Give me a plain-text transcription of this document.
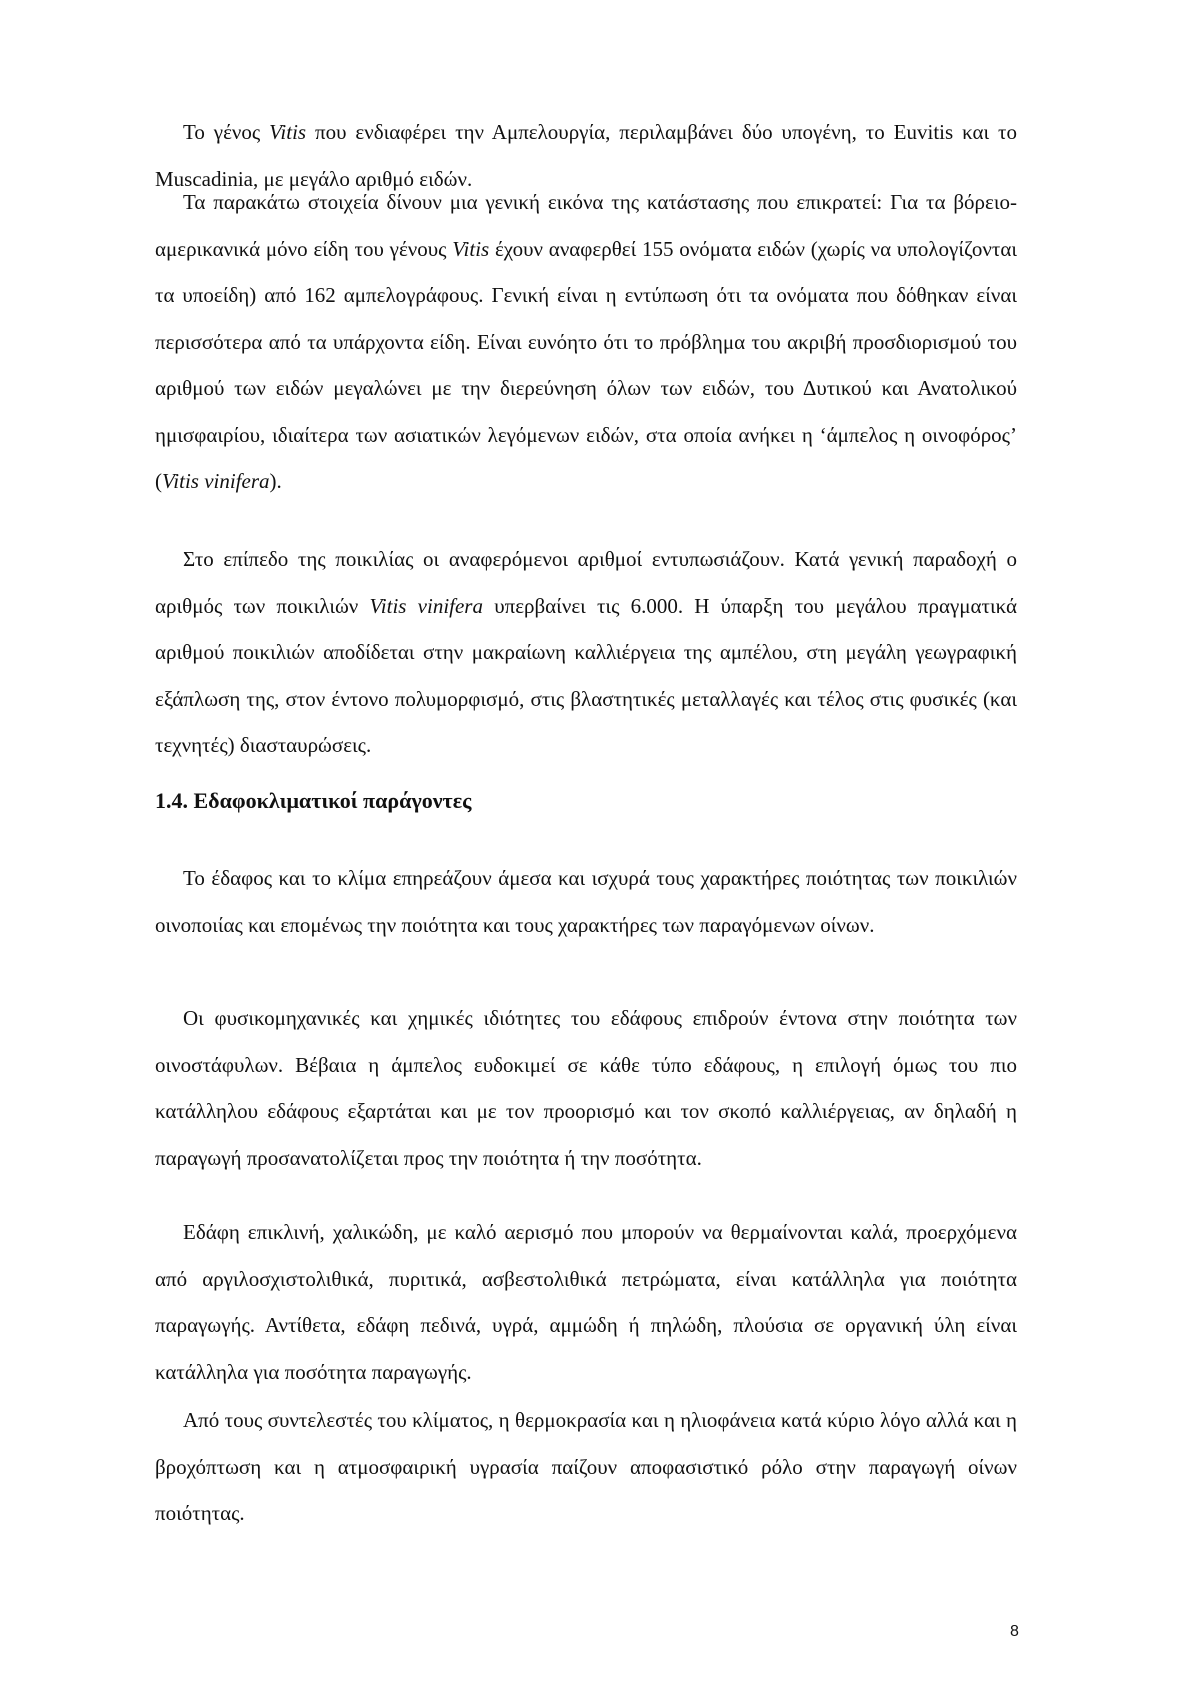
Το γένος Vitis που ενδιαφέρει την Αμπελουργία, περιλαμβάνει δύο υπογένη, το Euvitis και το Muscadinia, με μεγάλο αριθμό ειδών.

Τα παρακάτω στοιχεία δίνουν μια γενική εικόνα της κατάστασης που επικρατεί: Για τα βόρειο-αμερικανικά μόνο είδη του γένους Vitis έχουν αναφερθεί 155 ονόματα ειδών (χωρίς να υπολογίζονται τα υποείδη) από 162 αμπελογράφους. Γενική είναι η εντύπωση ότι τα ονόματα που δόθηκαν είναι περισσότερα από τα υπάρχοντα είδη. Είναι ευνόητο ότι το πρόβλημα του ακριβή προσδιορισμού του αριθμού των ειδών μεγαλώνει με την διερεύνηση όλων των ειδών, του Δυτικού και Ανατολικού ημισφαιρίου, ιδιαίτερα των ασιατικών λεγόμενων ειδών, στα οποία ανήκει η ‘άμπελος η οινοφόρος’ (Vitis vinifera).

Στο επίπεδο της ποικιλίας οι αναφερόμενοι αριθμοί εντυπωσιάζουν. Κατά γενική παραδοχή ο αριθμός των ποικιλιών Vitis vinifera υπερβαίνει τις 6.000. Η ύπαρξη του μεγάλου πραγματικά αριθμού ποικιλιών αποδίδεται στην μακραίωνη καλλιέργεια της αμπέλου, στη μεγάλη γεωγραφική εξάπλωση της, στον έντονο πολυμορφισμό, στις βλαστητικές μεταλλαγές και τέλος στις φυσικές (και τεχνητές) διασταυρώσεις.

1.4. Εδαφοκλιματικοί παράγοντες

Το έδαφος και το κλίμα επηρεάζουν άμεσα και ισχυρά τους χαρακτήρες ποιότητας των ποικιλιών οινοποιίας και επομένως την ποιότητα και τους χαρακτήρες των παραγόμενων οίνων.

Οι φυσικομηχανικές και χημικές ιδιότητες του εδάφους επιδρούν έντονα στην ποιότητα των οινοστάφυλων. Βέβαια η άμπελος ευδοκιμεί σε κάθε τύπο εδάφους, η επιλογή όμως του πιο κατάλληλου εδάφους εξαρτάται και με τον προορισμό και τον σκοπό καλλιέργειας, αν δηλαδή η παραγωγή προσανατολίζεται προς την ποιότητα ή την ποσότητα.

Εδάφη επικλινή, χαλικώδη, με καλό αερισμό που μπορούν να θερμαίνονται καλά, προερχόμενα από αργιλοσχιστολιθικά, πυριτικά, ασβεστολιθικά πετρώματα, είναι κατάλληλα για ποιότητα παραγωγής. Αντίθετα, εδάφη πεδινά, υγρά, αμμώδη ή πηλώδη, πλούσια σε οργανική ύλη είναι κατάλληλα για ποσότητα παραγωγής.

Από τους συντελεστές του κλίματος, η θερμοκρασία και η ηλιοφάνεια κατά κύριο λόγο αλλά και η βροχόπτωση και η ατμοσφαιρική υγρασία παίζουν αποφασιστικό ρόλο στην παραγωγή οίνων ποιότητας.

8
